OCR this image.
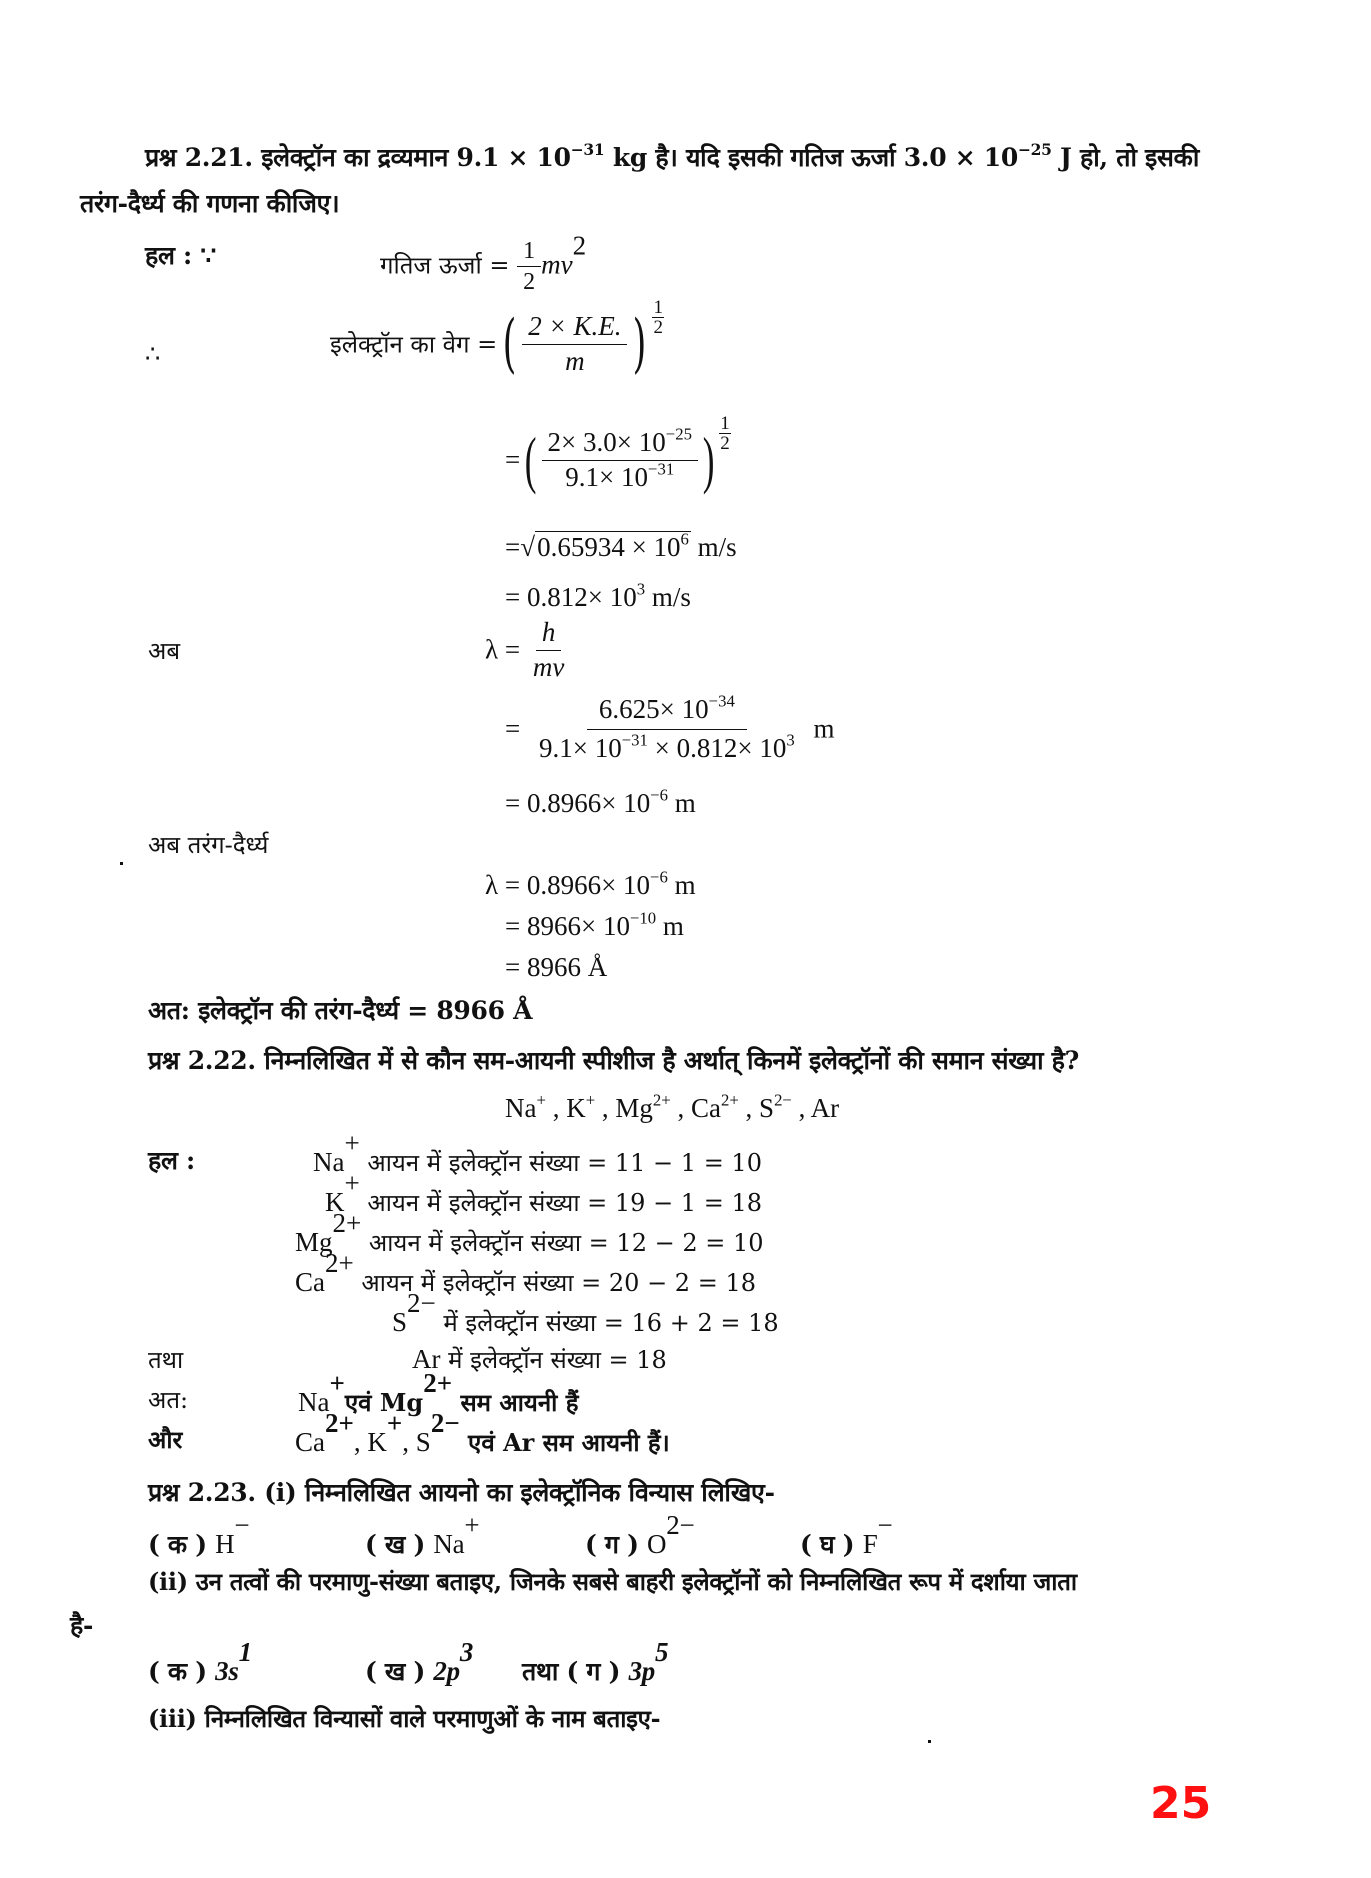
प्रश्न 2.21. इलेक्ट्रॉन का द्रव्यमान $9.1 \times 10^{-31}$ kg है। यदि इसकी गतिज ऊर्जा $3.0 \times 10^{-25}$ J हो, तो इसकी
तरंग-दैर्ध्य की गणना कीजिए।
हल : ∵	गतिज ऊर्जा = $\frac{1}{2} mv^2$
∴	इलेक्ट्रॉन का वेग =( $\frac{2 \times K.E.}{m}$ ) $\frac{1}{2}$
=( $\frac{2\times 3.0\times 10^{-25}}{9.1\times 10^{-31}}$ ) $\frac{1}{2}$
$=√0.65934 \times 10^6$ m/s
= $0.812\times 10^3$ m/s
अब	$\lambda = \frac{h}{mv}$
= $\frac{6.625\times 10^{-34}}{9.1\times 10^{-31} \times 0.812\times 10^3}$ m
= $0.8966\times 10^{-6}$ m
अब तरंग-दैर्ध्य
$\lambda = 0.8966\times 10^{-6}$ m
= $8966\times 10^{-10}$ m
= 8966 Å
अत: इलेक्ट्रॉन की तरंग-दैर्ध्य = 8966 Å
प्रश्न 2.22. निम्नलिखित में से कौन सम-आयनी स्पीशीज है अर्थात् किनमें इलेक्ट्रॉनों की समान संख्या है?
Na+ , K+ , $Mg^{2+}$ , $Ca^{2+}$ , $S^{2-}$ , Ar
हल :	Na+ आयन में इलेक्ट्रॉन संख्या = 11 − 1 = 10
K+ आयन में इलेक्ट्रॉन संख्या = 19 − 1 = 18
$Mg^{2+}$ आयन में इलेक्ट्रॉन संख्या = 12 − 2 = 10
$Ca^{2+}$ आयन में इलेक्ट्रॉन संख्या = 20 − 2 = 18
$S^{2-}$ में इलेक्ट्रॉन संख्या = 16 + 2 = 18
तथा	Ar में इलेक्ट्रॉन संख्या = 18
अत:	Na+एवं $Mg^{2+}$ सम आयनी हैं
और	$Ca^{2+}$, K+, $S^{2-}$ एवं Ar सम आयनी हैं।
प्रश्न 2.23. (i) निम्नलिखित आयनो का इलेक्ट्रॉनिक विन्यास लिखिए-
( क ) H−
( ख ) Na+
( ग ) $O^{2-}$
( घ ) F−
(ii) उन तत्वों की परमाणु-संख्या बताइए, जिनके सबसे बाहरी इलेक्ट्रॉनों को निम्नलिखित रूप में दर्शाया जाता
है-
( क ) $3s^1$
( ख ) $2p^3$
तथा ( ग ) $3p^5$
(iii) निम्नलिखित विन्यासों वाले परमाणुओं के नाम बताइए-
25
